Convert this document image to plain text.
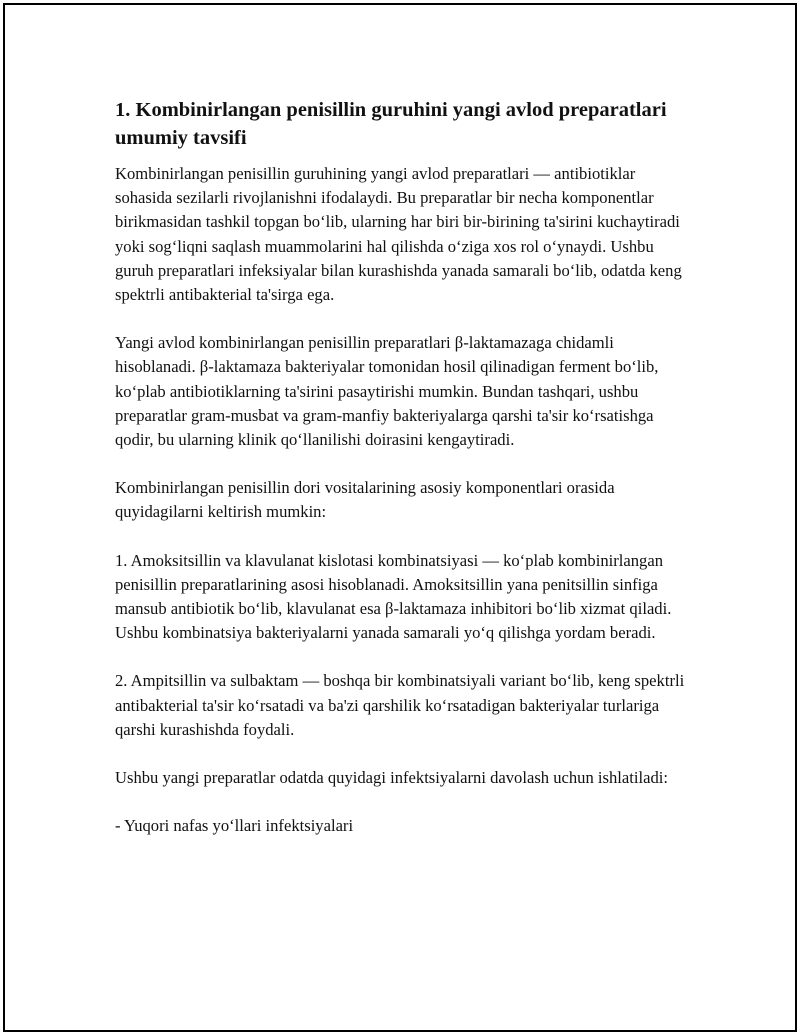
1. Kombinirlangan penisillin guruhini yangi avlod preparatlari umumiy tavsifi

Kombinirlangan penisillin guruhining yangi avlod preparatlari — antibiotiklar sohasida sezilarli rivojlanishni ifodalaydi. Bu preparatlar bir necha komponentlar birikmasidan tashkil topgan bo‘lib, ularning har biri bir-birining ta'sirini kuchaytiradi yoki sog‘liqni saqlash muammolarini hal qilishda o‘ziga xos rol o‘ynaydi. Ushbu guruh preparatlari infeksiyalar bilan kurashishda yanada samarali bo‘lib, odatda keng spektrli antibakterial ta'sirga ega.

Yangi avlod kombinirlangan penisillin preparatlari β-laktamazaga chidamli hisoblanadi. β-laktamaza bakteriyalar tomonidan hosil qilinadigan ferment bo‘lib, ko‘plab antibiotiklarning ta'sirini pasaytirishi mumkin. Bundan tashqari, ushbu preparatlar gram-musbat va gram-manfiy bakteriyalarga qarshi ta'sir ko‘rsatishga qodir, bu ularning klinik qo‘llanilishi doirasini kengaytiradi.

Kombinirlangan penisillin dori vositalarining asosiy komponentlari orasida quyidagilarni keltirish mumkin:

1. Amoksitsillin va klavulanat kislotasi kombinatsiyasi — ko‘plab kombinirlangan penisillin preparatlarining asosi hisoblanadi. Amoksitsillin yana penitsillin sinfiga mansub antibiotik bo‘lib, klavulanat esa β-laktamaza inhibitori bo‘lib xizmat qiladi. Ushbu kombinatsiya bakteriyalarni yanada samarali yo‘q qilishga yordam beradi.

2. Ampitsillin va sulbaktam — boshqa bir kombinatsiyali variant bo‘lib, keng spektrli antibakterial ta'sir ko‘rsatadi va ba'zi qarshilik ko‘rsatadigan bakteriyalar turlariga qarshi kurashishda foydali.

Ushbu yangi preparatlar odatda quyidagi infektsiyalarni davolash uchun ishlatiladi:

- Yuqori nafas yo‘llari infektsiyalari
